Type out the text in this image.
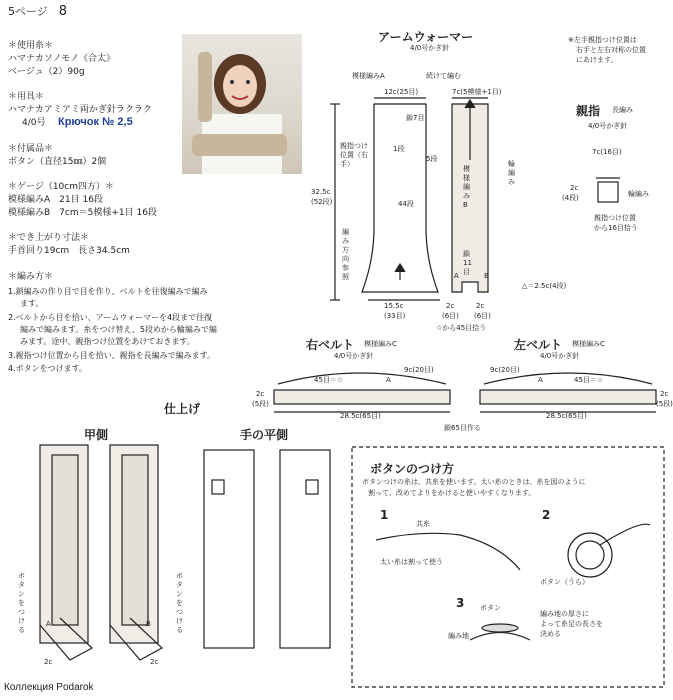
5ページ　 8
＊使用糸＊
ハマナカソノモノ《合太》
ベージュ（2）90g
＊用具＊
ハマナカアミアミ両かぎ針ラクラク
4/0号 Крючок № 2,5
＊付属品＊
ボタン（直径15㎜）2個
＊ゲージ（10cm四方）＊
模様編みA　21目 16段
模様編みB　7cm＝5模様+1目 16段
＊でき上がり寸法＊
手首回り19cm　長さ34.5cm
＊編み方＊
1.鎖編みの作り目で目を作り、ベルトを往復編みで編み
ます。
2.ベルトから目を拾い、アームウォーマーを4段まで往復
編みで編みます。糸をつけ替え、5段めから輪編みで編
みます。途中、親指つけ位置をあけておきます。
3.親指つけ位置から目を拾い、親指を長編みで編みます。
4.ボタンをつけます。
アームウォーマー
4/0号かぎ針
模様編みA	続けて編む
12c(25目)	7c(5模様+1目)
鎖7目
1段
5段
44段
親指つけ位置（右手）
32.5c
(52段)
編み方向参照
輪編み
模様編みB
鎖11目
15.5c
(33目)
2c	2c
(6目) (6目)
☆から45目拾う
△＝2.5c(4段)
A	B
※左手親指つけ位置は
右手と左右対称の位置
にあけます。
親指 長編み
4/0号かぎ針
7c(16目)
2c
(4段)	輪編み
親指つけ位置
から16目拾う
右ベルト 模様編みC
4/0号かぎ針
45目＝☆	A
9c(20目)
2c
(5段)
28.5c(65目)
左ベルト 模様編みC
4/0号かぎ針
9c(20目)
A	45目＝☆
2c
(5段)
28.5c(65目)
鎖65目作る
仕上げ
甲側	手の平側
ボタンをつける
ボタンをつける
A	B
2c	2c
ボタンのつけ方
ボタンつけの糸は、共糸を使います。太い糸のときは、糸を図のように
割って、改めてよりをかけると使いやすくなります。
1	2
3
共糸
太い糸は割って使う
ボタン（うら）
ボタン
編み地
編み地の厚さに
よって糸足の長さを
決める
Коллекция Podarok
